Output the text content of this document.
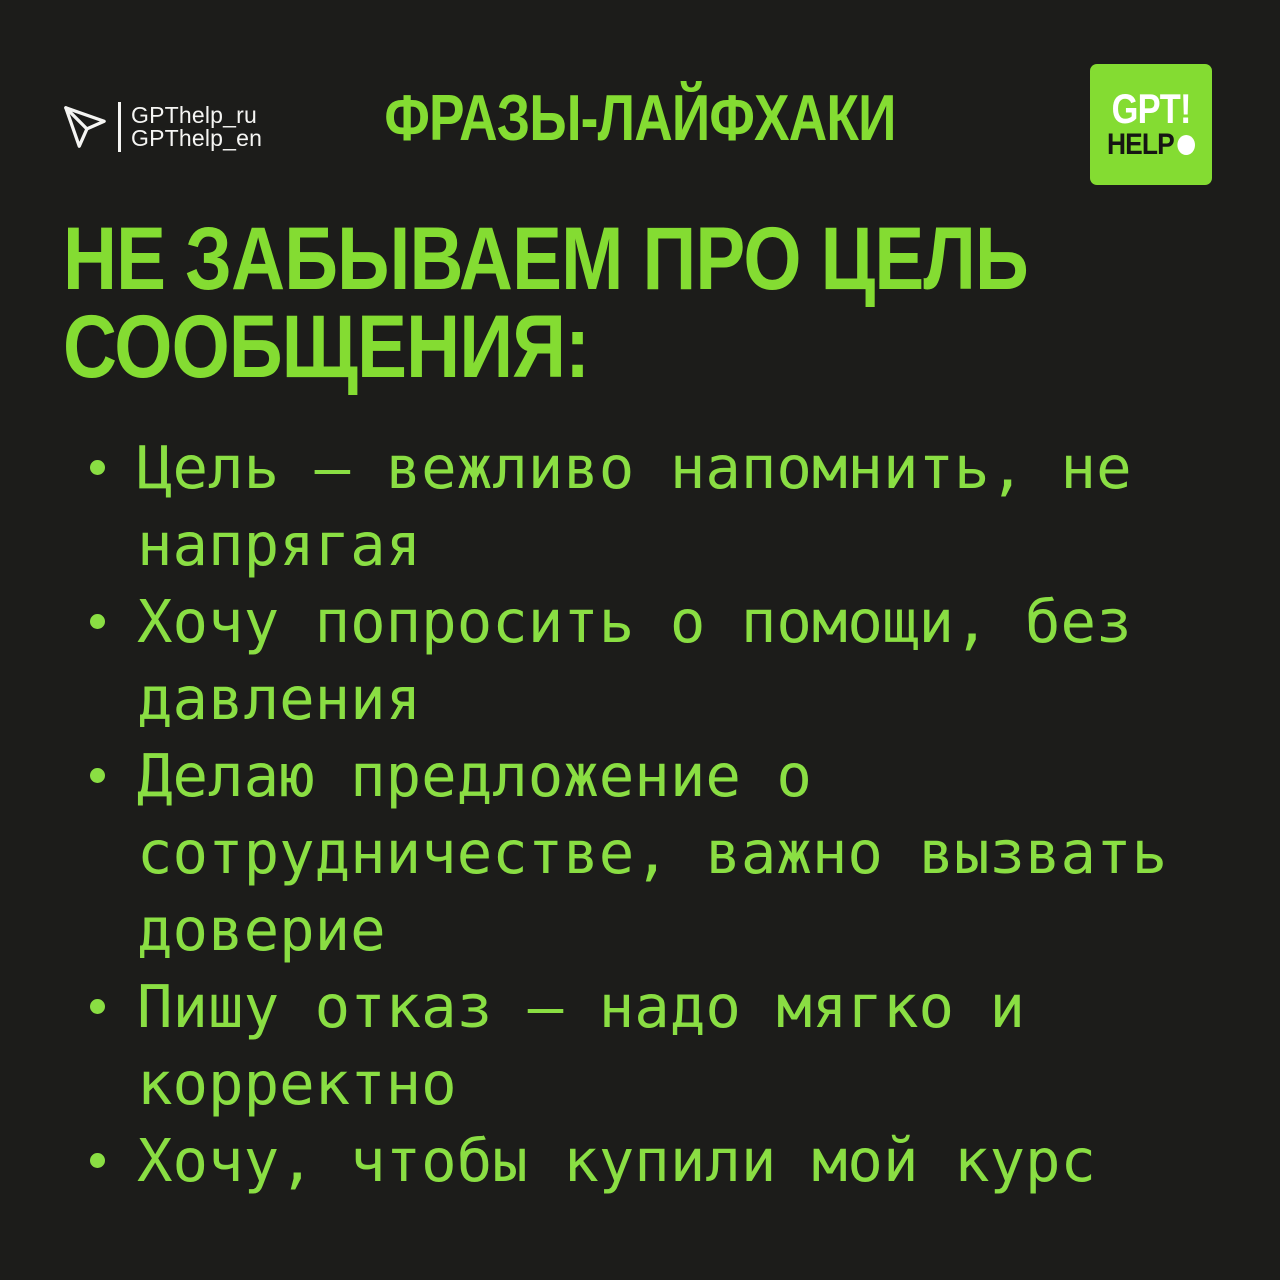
GPThelp_ru
GPThelp_en	ФРАЗЫ-ЛАЙФХАКИ	GPT!
HELP
НЕ ЗАБЫВАЕМ ПРО ЦЕЛЬ СООБЩЕНИЯ:
Цель — вежливо напомнить, не напрягая
Хочу попросить о помощи, без давления
Делаю предложение о сотрудничестве, важно вызвать доверие
Пишу отказ — надо мягко и корректно
Хочу, чтобы купили мой курс
